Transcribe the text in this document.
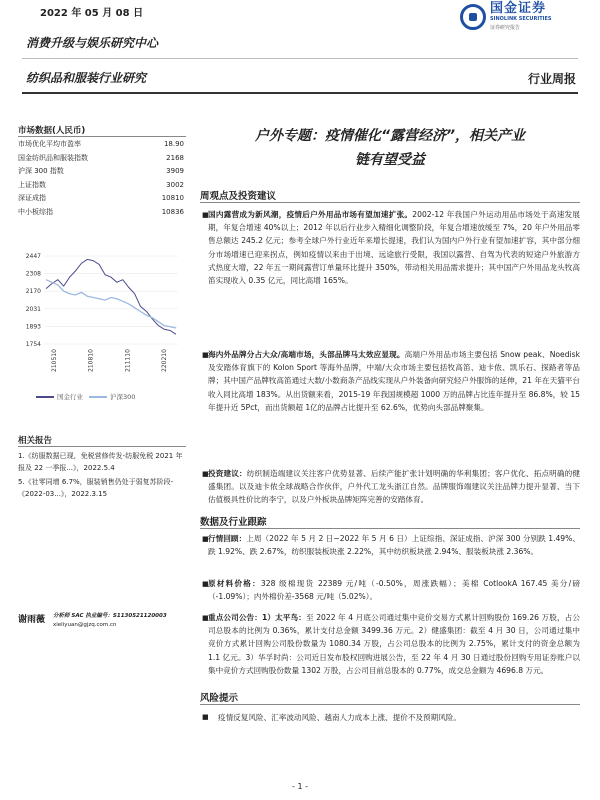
2022 年 05 月 08 日	国金证券
SINOLINK SECURITIES
证券研究报告
消费升级与娱乐研究中心
纺织品和服装行业研究	行业周报
市场数据(人民币)
市场优化平均市盈率	18.90
国金纺织品和服装指数	2168
沪深 300 指数	3909
上证指数	3002
深证成指	10810
中小板综指	10836
2447
2308
2170
2031
1893
1754
210510	210810	211110	220210
国金行业	沪深300
相关报告
1.《纺服数据已现，免税营修传发-纺服免税 2021 年报及 22 一季报...》，2022.5.4
5.《社零同增 6.7%，服装销售仍处于弱复苏阶段-《2022-03...》，2022.3.15
谢雨薇 分析师 SAC 执业编号：S1130521120003
xieliyuan@gjzq.com.cn
户外专题：疫情催化“露营经济”，相关产业
链有望受益
周观点及投资建议
■ 国内露营成为新风潮，疫情后户外用品市场有望加速扩张。2002-12 年我国户外运动用品市场处于高速发展期，年复合增速 40%以上；2012 年以后行业步入精细化调整阶段，年复合增速放缓至 7%，20 年户外用品零售总额达 245.2 亿元；参考全球户外行业近年来增长提速，我们认为国内户外行业有望加速扩容，其中部分细分市场增速已迎来拐点，例如疫情以来由于出境、远途旅行受限，我国以露营、自驾为代表的短途户外旅游方式热度大增，22 年五一期间露营订单量环比提升 350%，带动相关用品需求提升；其中国产户外用品龙头牧高笛实现收入 0.35 亿元，同比高增 165%。
■ 海内外品牌分占大众/高端市场，头部品牌马太效应显现。高端户外用品市场主要包括 Snow peak、Noedisk 及安踏体育旗下的 Kolon Sport 等海外品牌，中端/大众市场主要包括牧高笛、迪卡侬、凯乐石、探路者等品牌；其中国产品牌牧高笛通过大数/小数商条产品线实现从户外装备向研究轻户外服饰的延伸，21 年在天猫平台收入同比高增 183%。从出货额来看，2015-19 年我国规模超 1000 万的品牌占比连年提升至 86.8%，较 15 年提升近 5Pct，而出货额超 1亿的品牌占比提升至 62.6%，优势向头部品牌聚集。
■ 投资建议：纺织制造端建议关注客户优势显著、后续产能扩张计划明确的华利集团；客户优化、拓点明确的健盛集团。以及迪卡侬全球战略合作伙伴，户外代工龙头浙江自然。品牌服饰端建议关注品牌力提升显著、当下估值极具性价比的李宁，以及户外板块品牌矩阵完善的安踏体育。
数据及行业跟踪
■ 行情回顾：上周（2022 年 5 月 2 日~2022 年 5 月 6 日）上证综指、深证成指、沪深 300 分别跌 1.49%、跌 1.92%、跌 2.67%，纺织服装板块涨 2.22%，其中纺织板块涨 2.94%、服装板块涨 2.36%。
■ 原材料价格：328 级棉现货 22389 元/吨（-0.50%，周涨跌幅）；美棉 CotlookA 167.45 美分/磅（-1.09%）；内外棉价差-3568 元/吨（5.02%）。
■ 重点公司公告：1）太平鸟：至 2022 年 4 月底公司通过集中竞价交易方式累计回购股份 169.26 万股，占公司总股本的比例为 0.36%，累计支付总金额 3499.36 万元。2）健盛集团：截至 4 月 30 日，公司通过集中竞价方式累计回购公司股份数量为 1080.34 万股，占公司总股本的比例为 2.75%，累计支付的资金总额为 1.1 亿元。3）华孚时尚：公司近日发布股权回购进展公告，至 22 年 4 月 30 日通过股份回购专用证券账户以集中竞价方式回购股份数量 1302 万股，占公司目前总股本的 0.77%，成交总金额为 4696.8 万元。
风险提示
■ 疫情反复风险、汇率波动风险、越南人力成本上涨、提价不及预期风险。
- 1 -
